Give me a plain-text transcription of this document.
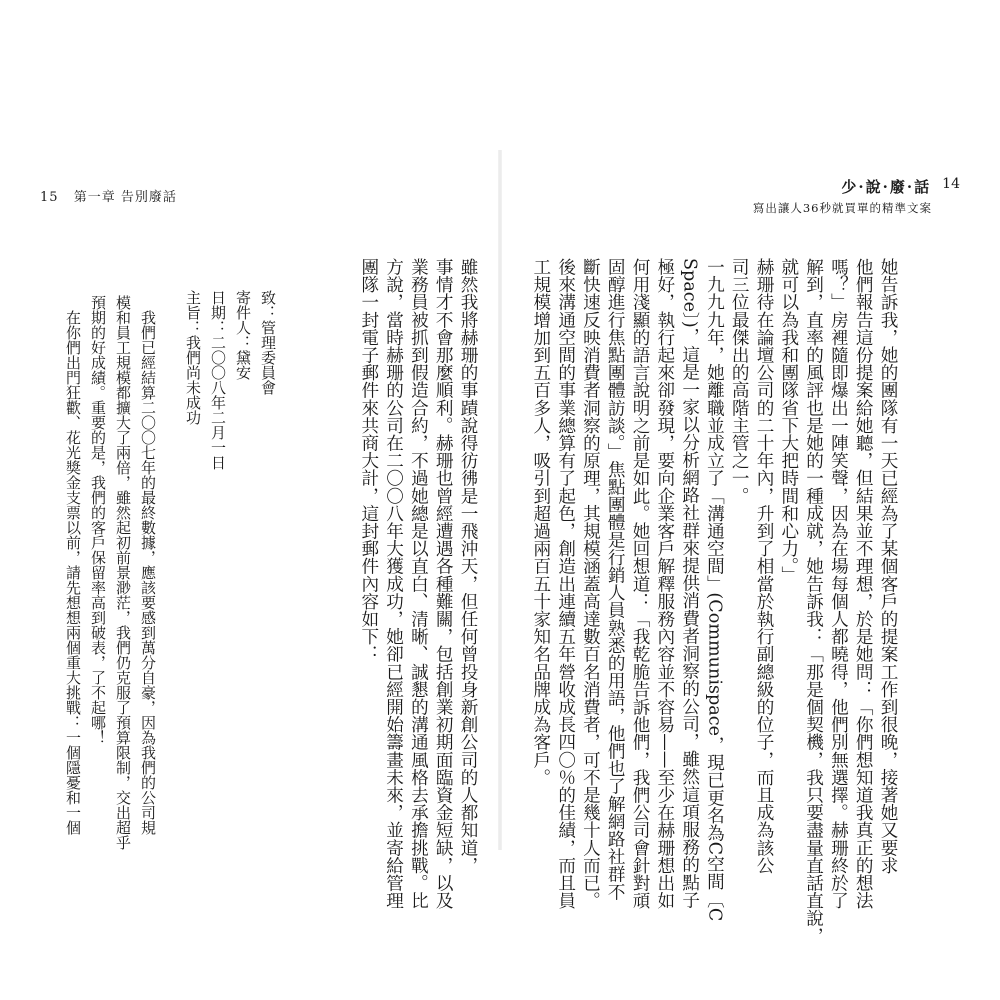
15 第一章 告別廢話
少·說·廢·話 14
寫出讓人36秒就買單的精準文案

她告訴我，她的團隊有一天已經為了某個客戶的提案工作到很晚，接著她又要求

他們報告這份提案給她聽，但結果並不理想，於是她問：「你們想知道我真正的想法

嗎？」房裡隨即爆出一陣笑聲，因為在場每個人都曉得，他們別無選擇。赫珊終於了

解到，直率的風評也是她的一種成就，她告訴我：「那是個契機，我只要盡量直話直說，

就可以為我和團隊省下大把時間和心力。」

赫珊待在論壇公司的二十年內，升到了相當於執行副總級的位子，而且成為該公

司三位最傑出的高階主管之一。

一九九九年，她離職並成立了「溝通空間」(Communispace，現已更名為C空間〔C

Space〕)，這是一家以分析網路社群來提供消費者洞察的公司，雖然這項服務的點子

極好，執行起來卻發現，要向企業客戶解釋服務內容並不容易——至少在赫珊想出如

何用淺顯的語言說明之前是如此。她回想道：「我乾脆告訴他們，我們公司會針對頑

固醇進行焦點團體訪談。」焦點團體是行銷人員熟悉的用語，他們也了解網路社群不

斷快速反映消費者洞察的原理，其規模涵蓋高達數百名消費者，可不是幾十人而已。

後來溝通空間的事業總算有了起色，創造出連續五年營收成長四〇％的佳績，而且員

工規模增加到五百多人，吸引到超過兩百五十家知名品牌成為客戶。

雖然我將赫珊的事蹟說得彷彿是一飛沖天，但任何曾投身新創公司的人都知道，

事情才不會那麼順利。赫珊也曾經遭遇各種難關，包括創業初期面臨資金短缺，以及

業務員被抓到假造合約，不過她總是以直白、清晰、誠懇的溝通風格去承擔挑戰。比

方說，當時赫珊的公司在二〇〇八年大獲成功，她卻已經開始籌畫未來，並寄給管理

團隊一封電子郵件來共商大計，這封郵件內容如下：

致：管理委員會

寄件人：黛安

日期：二〇〇八年二月一日

主旨：我們尚未成功

我們已經結算二〇〇七年的最終數據，應該要感到萬分自豪，因為我們的公司規

模和員工規模都擴大了兩倍，雖然起初前景渺茫，我們仍克服了預算限制，交出超乎

預期的好成績。重要的是，我們的客戶保留率高到破表，了不起哪！

在你們出門狂歡、花光獎金支票以前，請先想想兩個重大挑戰：一個隱憂和一個
